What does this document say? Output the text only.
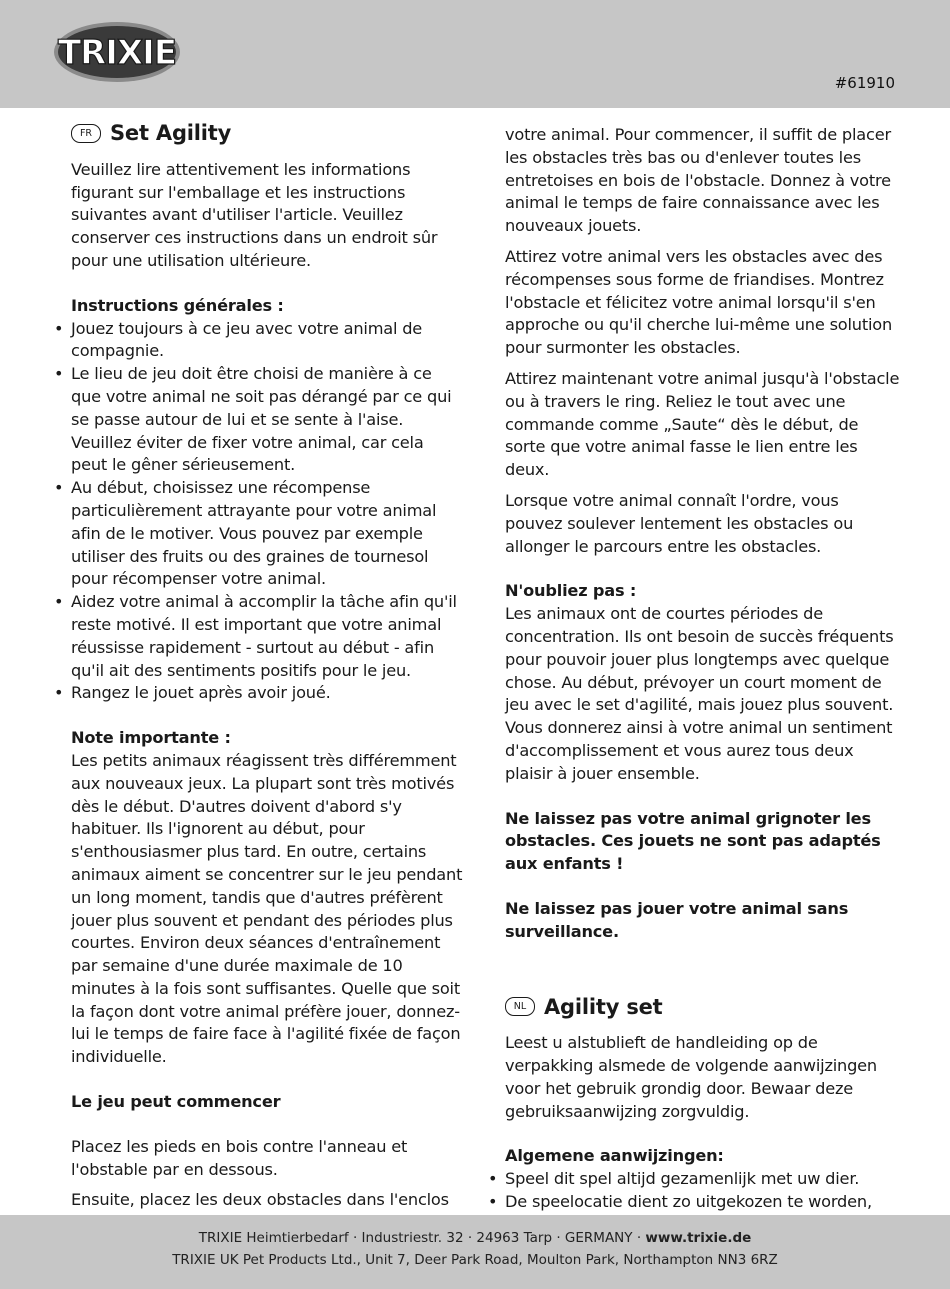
TRIXIE
#61910
FR Set Agility

Veuillez lire attentivement les informations figurant sur l'emballage et les instructions suivantes avant d'utiliser l'article. Veuillez conserver ces instructions dans un endroit sûr pour une utilisation ultérieure.

Instructions générales :

• Jouez toujours à ce jeu avec votre animal de compagnie.
• Le lieu de jeu doit être choisi de manière à ce que votre animal ne soit pas dérangé par ce qui se passe autour de lui et se sente à l'aise. Veuillez éviter de fixer votre animal, car cela peut le gêner sérieusement.
• Au début, choisissez une récompense particulièrement attrayante pour votre animal afin de le motiver. Vous pouvez par exemple utiliser des fruits ou des graines de tournesol pour récompenser votre animal.
• Aidez votre animal à accomplir la tâche afin qu'il reste motivé. Il est important que votre animal réussisse rapidement - surtout au début - afin qu'il ait des sentiments positifs pour le jeu.
• Rangez le jouet après avoir joué.

Note importante :

Les petits animaux réagissent très différemment aux nouveaux jeux. La plupart sont très motivés dès le début. D'autres doivent d'abord s'y habituer. Ils l'ignorent au début, pour s'enthousiasmer plus tard. En outre, certains animaux aiment se concentrer sur le jeu pendant un long moment, tandis que d'autres préfèrent jouer plus souvent et pendant des périodes plus courtes. Environ deux séances d'entraînement par semaine d'une durée maximale de 10 minutes à la fois sont suffisantes. Quelle que soit la façon dont votre animal préfère jouer, donnez-lui le temps de faire face à l'agilité fixée de façon individuelle.

Le jeu peut commencer

Placez les pieds en bois contre l'anneau et l'obstable par en dessous.

Ensuite, placez les deux obstacles dans l'enclos

votre animal. Pour commencer, il suffit de placer les obstacles très bas ou d'enlever toutes les entretoises en bois de l'obstacle. Donnez à votre animal le temps de faire connaissance avec les nouveaux jouets.

Attirez votre animal vers les obstacles avec des récompenses sous forme de friandises. Montrez l'obstacle et félicitez votre animal lorsqu'il s'en approche ou qu'il cherche lui-même une solution pour surmonter les obstacles.

Attirez maintenant votre animal jusqu'à l'obstacle ou à travers le ring. Reliez le tout avec une commande comme „Saute“ dès le début, de sorte que votre animal fasse le lien entre les deux.

Lorsque votre animal connaît l'ordre, vous pouvez soulever lentement les obstacles ou allonger le parcours entre les obstacles.

N'oubliez pas :

Les animaux ont de courtes périodes de concentration. Ils ont besoin de succès fréquents pour pouvoir jouer plus longtemps avec quelque chose. Au début, prévoyer un court moment de jeu avec le set d'agilité, mais jouez plus souvent. Vous donnerez ainsi à votre animal un sentiment d'accomplissement et vous aurez tous deux plaisir à jouer ensemble.

Ne laissez pas votre animal grignoter les obstacles. Ces jouets ne sont pas adaptés aux enfants !

Ne laissez pas jouer votre animal sans surveillance.

NL Agility set

Leest u alstublieft de handleiding op de verpakking alsmede de volgende aanwijzingen voor het gebruik grondig door. Bewaar deze gebruiksaanwijzing zorgvuldig.

Algemene aanwijzingen:

• Speel dit spel altijd gezamenlijk met uw dier.
• De speelocatie dient zo uitgekozen te worden,
TRIXIE Heimtierbedarf · Industriestr. 32 · 24963 Tarp · GERMANY · www.trixie.de
TRIXIE UK Pet Products Ltd., Unit 7, Deer Park Road, Moulton Park, Northampton NN3 6RZ
